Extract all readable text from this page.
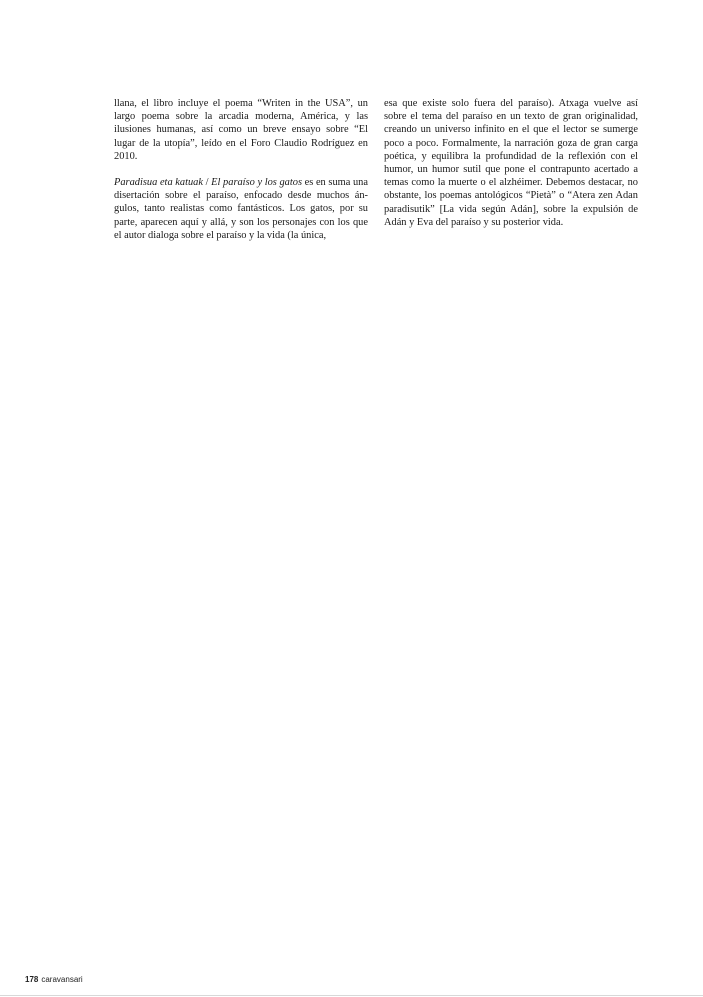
llana, el libro incluye el poema “Writen in the USA”, un largo poema sobre la arcadia moderna, América, y las ilusiones humanas, así como un breve ensayo sobre “El lugar de la utopía”, leído en el Foro Claudio Rodríguez en 2010.

Paradisua eta katuak / El paraíso y los gatos es en suma una disertación sobre el paraíso, enfocado desde muchos ángulos, tanto realistas como fantásticos. Los gatos, por su parte, aparecen aquí y allá, y son los personajes con los que el autor dialoga sobre el paraíso y la vida (la única,

esa que existe solo fuera del paraíso). Atxaga vuelve así sobre el tema del paraíso en un texto de gran originalidad, creando un universo infinito en el que el lector se sumerge poco a poco. Formalmente, la narración goza de gran carga poética, y equilibra la profundidad de la reflexión con el humor, un humor sutil que pone el contrapunto acertado a temas como la muerte o el alzhéimer. Debemos destacar, no obstante, los poemas antológicos “Pietà” o “Atera zen Adan paradisutik” [La vida según Adán], sobre la expulsión de Adán y Eva del paraíso y su posterior vida.

178 caravansari
